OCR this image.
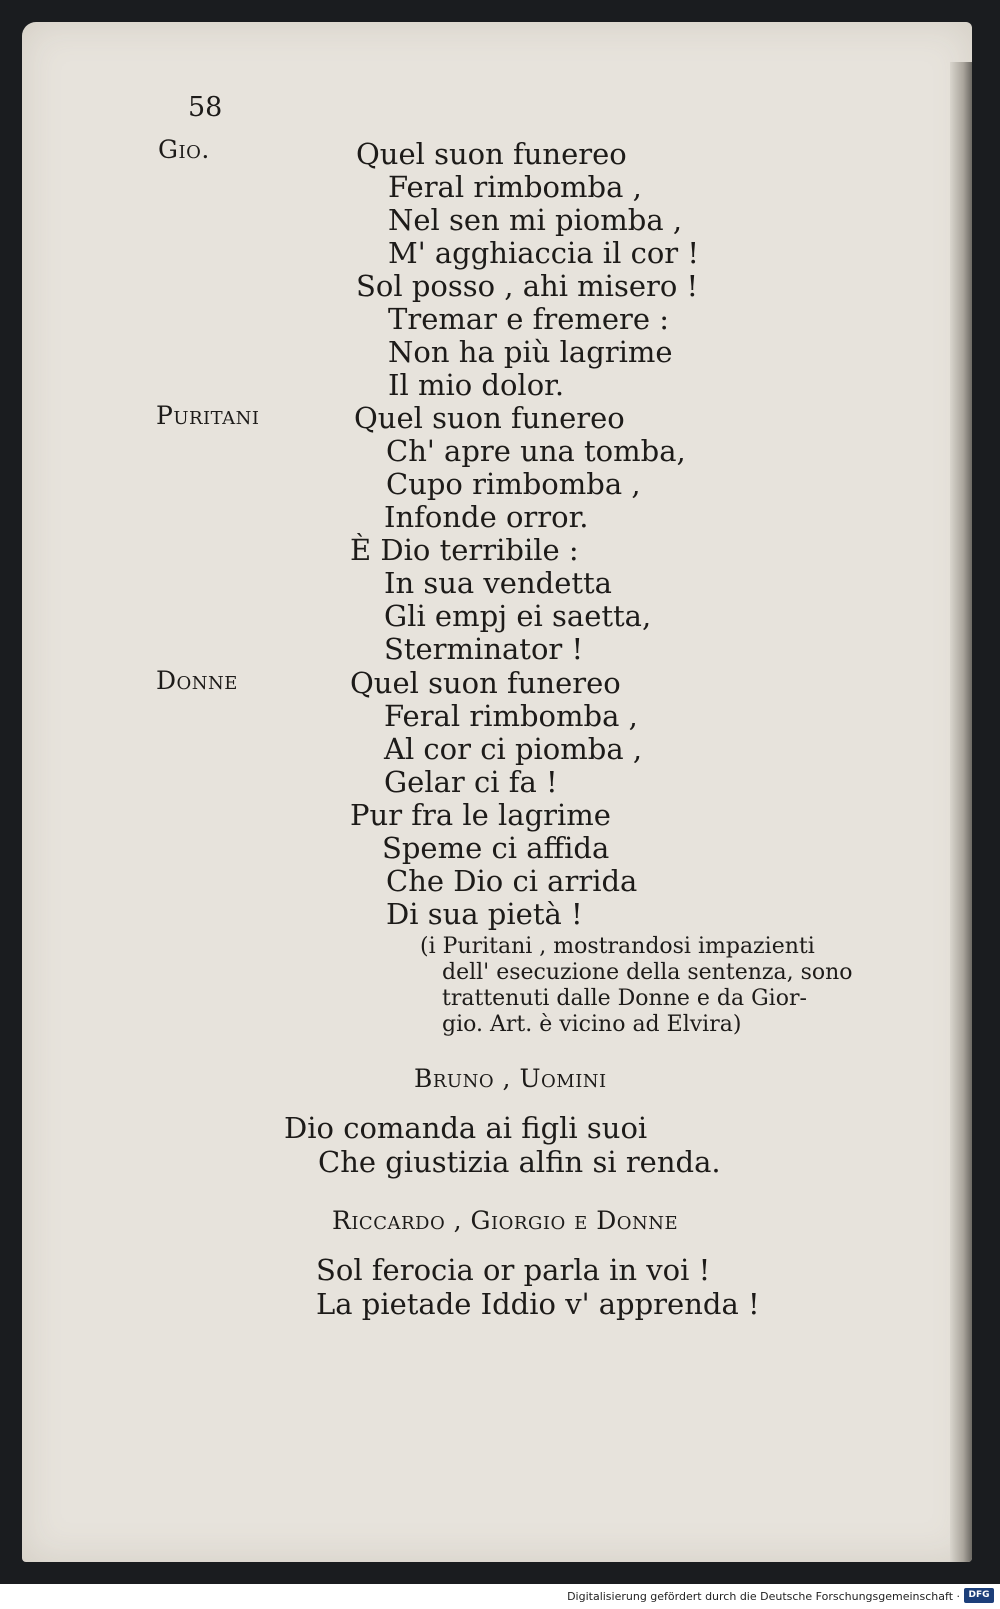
58
Gio.	Quel suon funereo
Feral rimbomba ,
Nel sen mi piomba ,
M' agghiaccia il cor !
Sol posso , ahi misero !
Tremar e fremere :
Non ha più lagrime
Il mio dolor.
Puritani	Quel suon funereo
Ch' apre una tomba,
Cupo rimbomba ,
Infonde orror.
È Dio terribile :
In sua vendetta
Gli empj ei saetta,
Sterminator !
Donne	Quel suon funereo
Feral rimbomba ,
Al cor ci piomba ,
Gelar ci fa !
Pur fra le lagrime
Speme ci affida
Che Dio ci arrida
Di sua pietà !
(i Puritani , mostrandosi impazienti
dell' esecuzione della sentenza, sono
trattenuti dalle Donne e da Gior-
gio. Art. è vicino ad Elvira)
Bruno , Uomini
Dio comanda ai figli suoi
Che giustizia alfin si renda.
Riccardo , Giorgio e Donne
Sol ferocia or parla in voi !
La pietade Iddio v' apprenda !
Digitalisierung gefördert durch die Deutsche Forschungsgemeinschaft · DFG
